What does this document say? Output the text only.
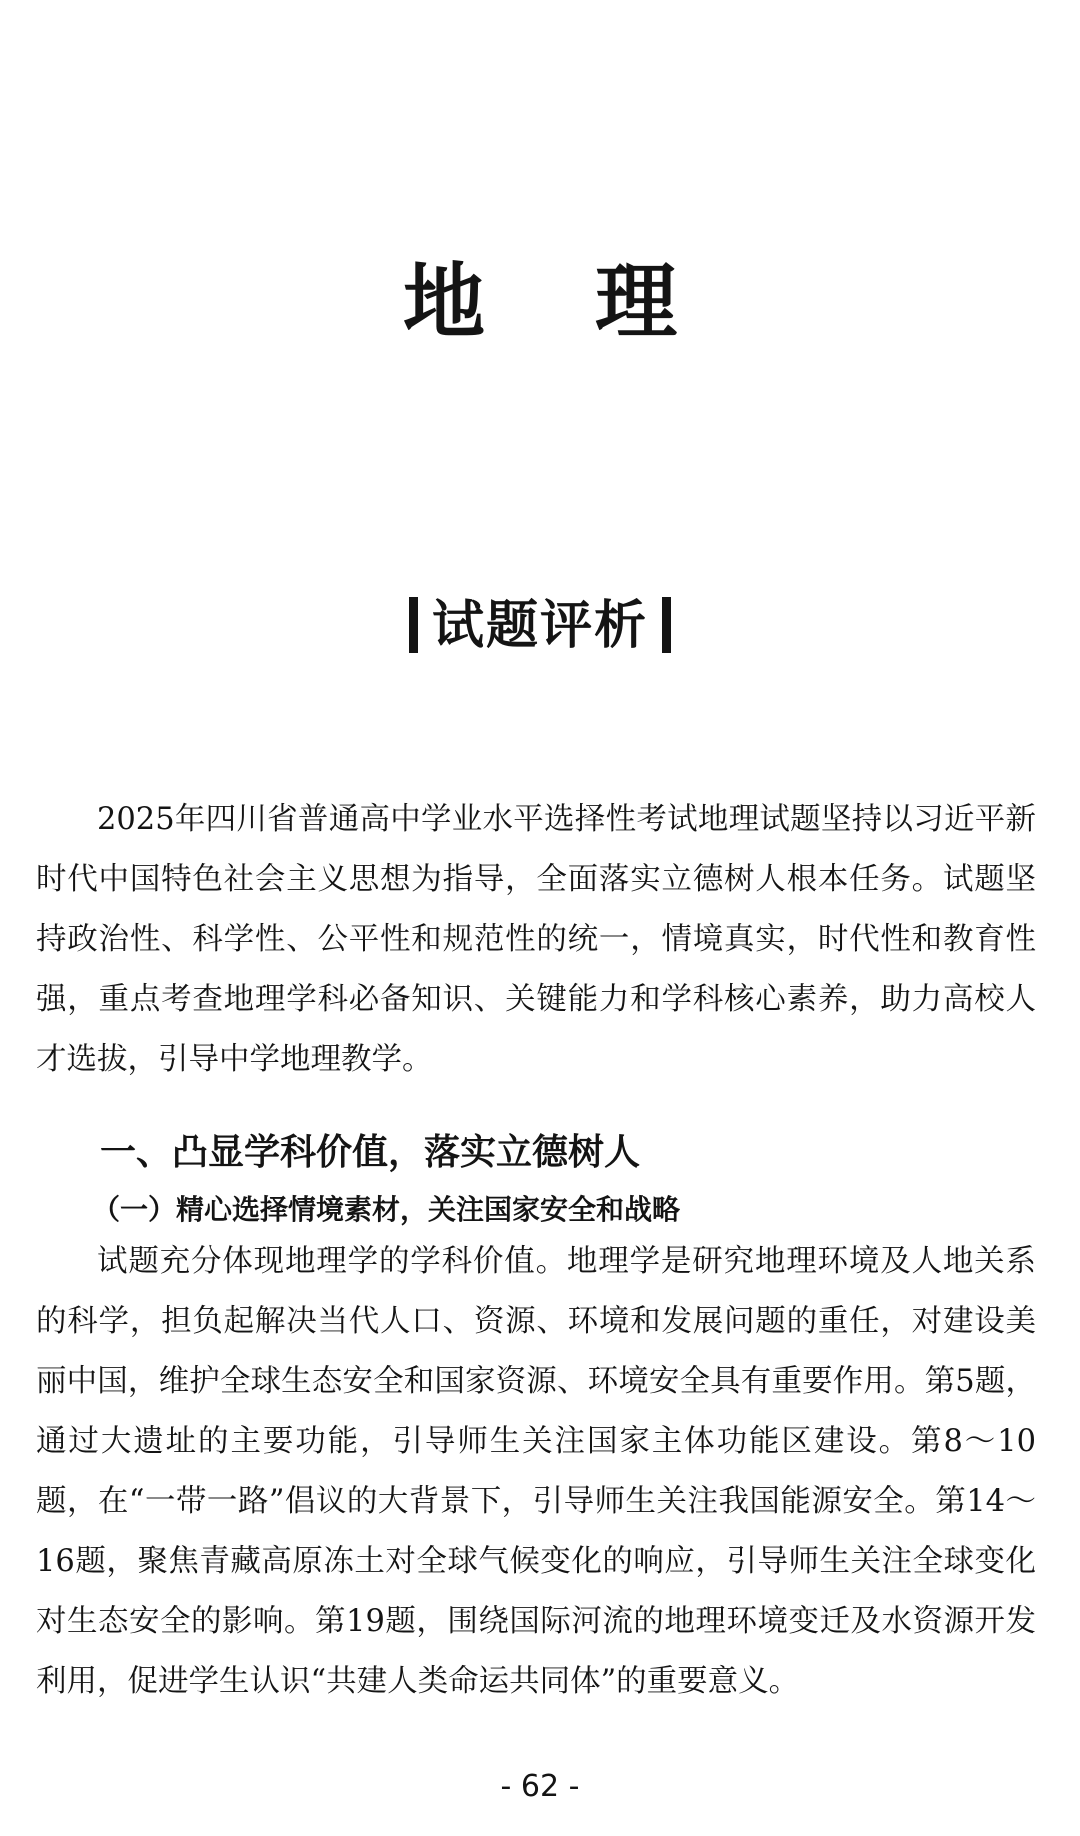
地理
试题评析

2025年四川省普通高中学业水平选择性考试地理试题坚持以习近平新时代中国特色社会主义思想为指导，全面落实立德树人根本任务。试题坚持政治性、科学性、公平性和规范性的统一，情境真实，时代性和教育性强，重点考查地理学科必备知识、关键能力和学科核心素养，助力高校人才选拔，引导中学地理教学。

一、凸显学科价值，落实立德树人
（一）精心选择情境素材，关注国家安全和战略

试题充分体现地理学的学科价值。地理学是研究地理环境及人地关系的科学，担负起解决当代人口、资源、环境和发展问题的重任，对建设美丽中国，维护全球生态安全和国家资源、环境安全具有重要作用。第5题，通过大遗址的主要功能，引导师生关注国家主体功能区建设。第8～10题，在“一带一路”倡议的大背景下，引导师生关注我国能源安全。第14～16题，聚焦青藏高原冻土对全球气候变化的响应，引导师生关注全球变化对生态安全的影响。第19题，围绕国际河流的地理环境变迁及水资源开发利用，促进学生认识“共建人类命运共同体”的重要意义。

- 62 -
